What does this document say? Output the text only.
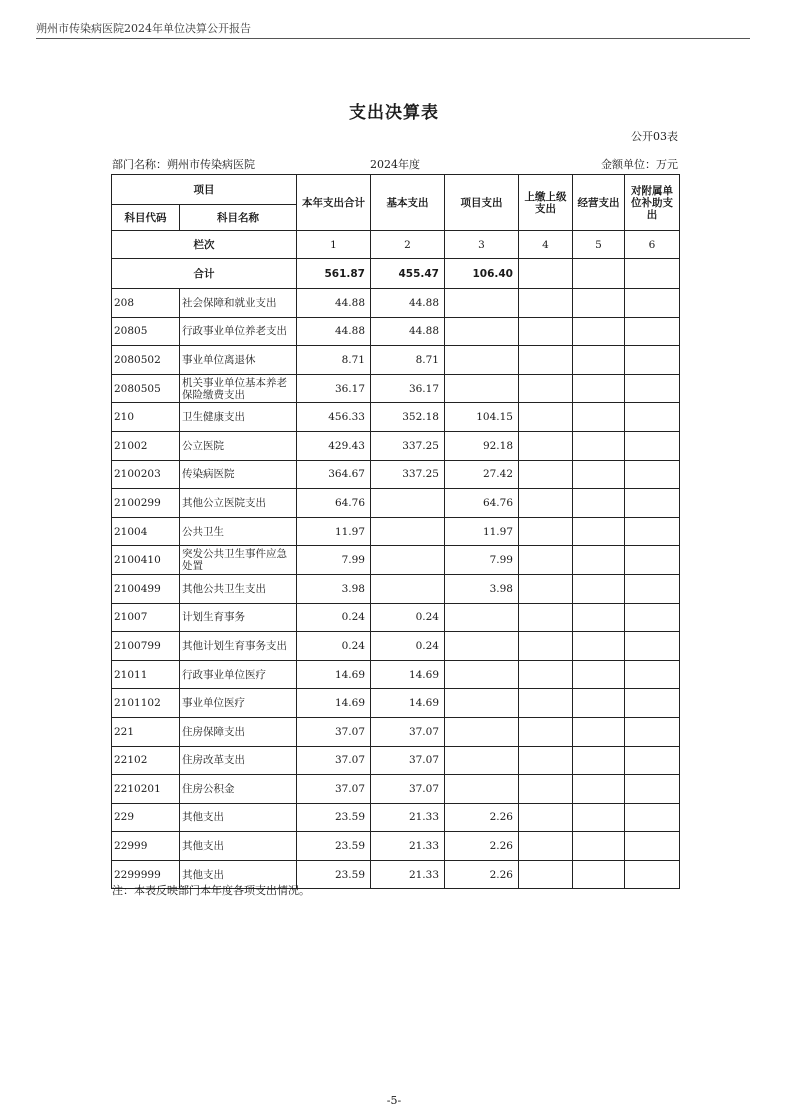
朔州市传染病医院2024年单位决算公开报告
支出决算表
公开03表
部门名称：朔州市传染病医院	2024年度	金额单位：万元
项目		本年支出合计	基本支出	项目支出	上缴上级支出	经营支出	对附属单位补助支出
科目代码	科目名称						
栏次		1	2	3	4	5	6
合计		561.87	455.47	106.40			
208	社会保障和就业支出	44.88	44.88				
20805	行政事业单位养老支出	44.88	44.88				
2080502	事业单位离退休	8.71	8.71				
2080505	机关事业单位基本养老保险缴费支出	36.17	36.17				
210	卫生健康支出	456.33	352.18	104.15			
21002	公立医院	429.43	337.25	92.18			
2100203	传染病医院	364.67	337.25	27.42			
2100299	其他公立医院支出	64.76		64.76			
21004	公共卫生	11.97		11.97			
2100410	突发公共卫生事件应急处置	7.99		7.99			
2100499	其他公共卫生支出	3.98		3.98			
21007	计划生育事务	0.24	0.24				
2100799	其他计划生育事务支出	0.24	0.24				
21011	行政事业单位医疗	14.69	14.69				
2101102	事业单位医疗	14.69	14.69				
221	住房保障支出	37.07	37.07				
22102	住房改革支出	37.07	37.07				
2210201	住房公积金	37.07	37.07				
229	其他支出	23.59	21.33	2.26			
22999	其他支出	23.59	21.33	2.26			
2299999	其他支出	23.59	21.33	2.26			
注：本表反映部门本年度各项支出情况。
-5-
